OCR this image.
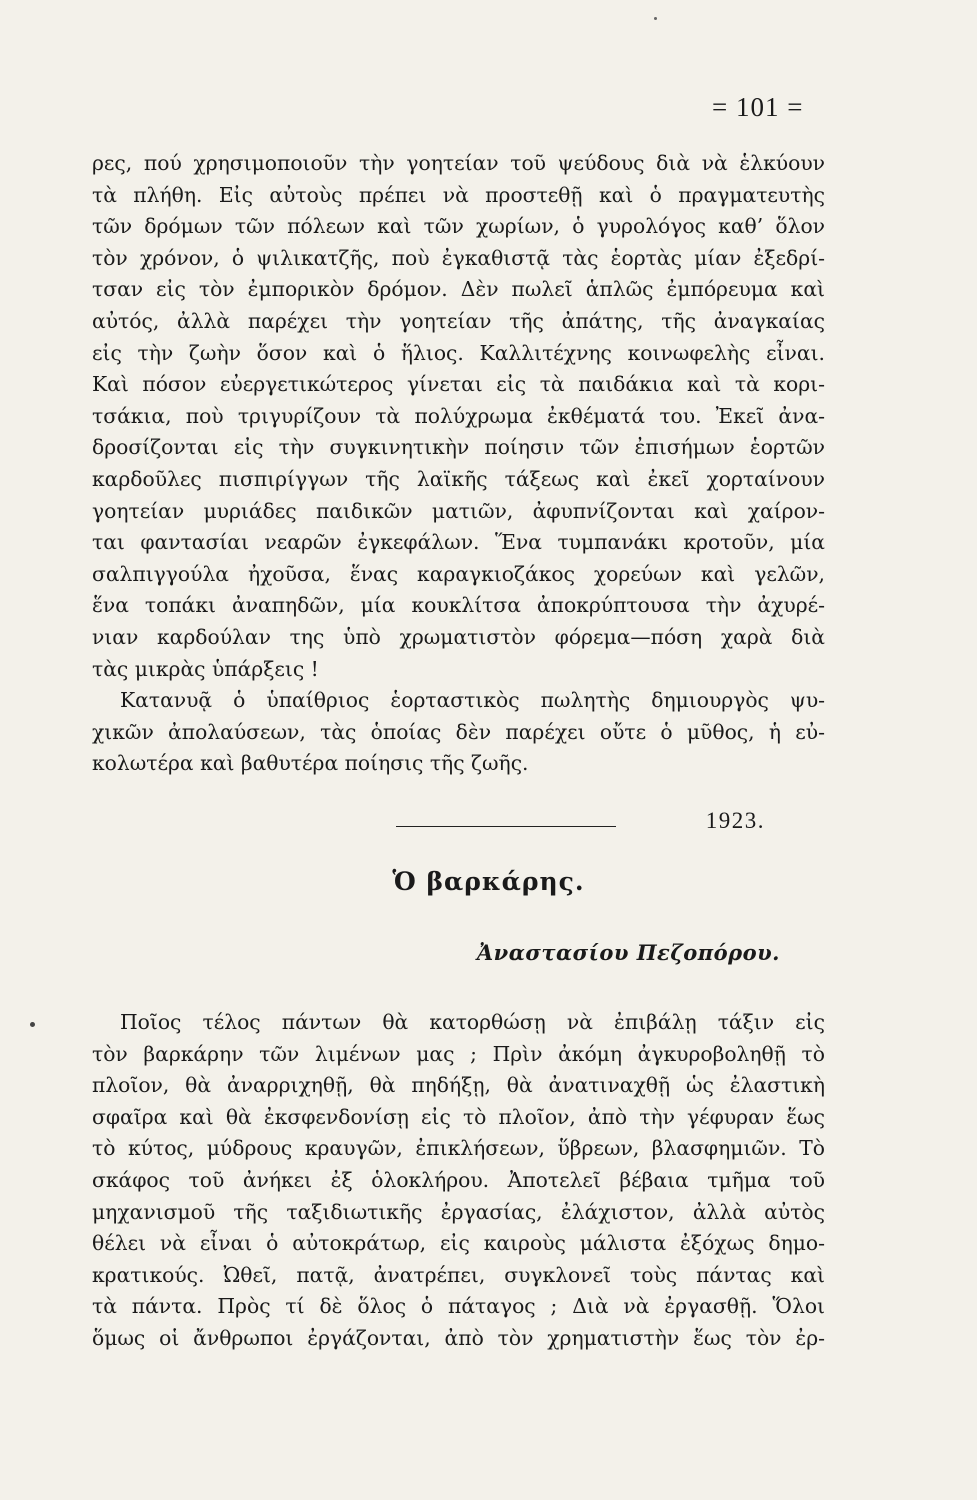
= 101 =
ρες, πού χρησιμοποιοῦν τὴν γοητείαν τοῦ ψεύδους διὰ νὰ ἑλκύουν
τὰ πλήθη. Εἰς αὐτοὺς πρέπει νὰ προστεθῇ καὶ ὁ πραγματευτὴς
τῶν δρόμων τῶν πόλεων καὶ τῶν χωρίων, ὁ γυρολόγος καθ’ ὅλον
τὸν χρόνον, ὁ ψιλικατζῆς, ποὺ ἐγκαθιστᾷ τὰς ἑορτὰς μίαν ἐξεδρί-
τσαν εἰς τὸν ἐμπορικὸν δρόμον. Δὲν πωλεῖ ἁπλῶς ἐμπόρευμα καὶ
αὐτός, ἀλλὰ παρέχει τὴν γοητείαν τῆς ἀπάτης, τῆς ἀναγκαίας
εἰς τὴν ζωὴν ὅσον καὶ ὁ ἥλιος. Καλλιτέχνης κοινωφελὴς εἶναι.
Καὶ πόσον εὐεργετικώτερος γίνεται εἰς τὰ παιδάκια καὶ τὰ κορι-
τσάκια, ποὺ τριγυρίζουν τὰ πολύχρωμα ἐκθέματά του. Ἐκεῖ ἀνα-
δροσίζονται εἰς τὴν συγκινητικὴν ποίησιν τῶν ἐπισήμων ἑορτῶν
καρδοῦλες πισπιρίγγων τῆς λαϊκῆς τάξεως καὶ ἐκεῖ χορταίνουν
γοητείαν μυριάδες παιδικῶν ματιῶν, ἀφυπνίζονται καὶ χαίρον-
ται φαντασίαι νεαρῶν ἐγκεφάλων. Ἕνα τυμπανάκι κροτοῦν, μία
σαλπιγγούλα ἠχοῦσα, ἕνας καραγκιοζάκος χορεύων καὶ γελῶν,
ἕνα τοπάκι ἀναπηδῶν, μία κουκλίτσα ἀποκρύπτουσα τὴν ἀχυρέ-
νιαν καρδούλαν της ὑπὸ χρωματιστὸν φόρεμα—πόση χαρὰ διὰ
τὰς μικρὰς ὑπάρξεις !
Κατανυᾷ ὁ ὑπαίθριος ἑορταστικὸς πωλητὴς δημιουργὸς ψυ-
χικῶν ἀπολαύσεων, τὰς ὁποίας δὲν παρέχει οὔτε ὁ μῦθος, ἡ εὐ-
κολωτέρα καὶ βαθυτέρα ποίησις τῆς ζωῆς.
1923.
Ὁ βαρκάρης.
Ἀναστασίου Πεζοπόρου.
Ποῖος τέλος πάντων θὰ κατορθώσῃ νὰ ἐπιβάλῃ τάξιν εἰς
τὸν βαρκάρην τῶν λιμένων μας ; Πρὶν ἀκόμη ἀγκυροβοληθῇ τὸ
πλοῖον, θὰ ἀναρριχηθῇ, θὰ πηδήξῃ, θὰ ἀνατιναχθῇ ὡς ἐλαστικὴ
σφαῖρα καὶ θὰ ἐκσφενδονίσῃ εἰς τὸ πλοῖον, ἀπὸ τὴν γέφυραν ἕως
τὸ κύτος, μύδρους κραυγῶν, ἐπικλήσεων, ὕβρεων, βλασφημιῶν. Τὸ
σκάφος τοῦ ἀνήκει ἐξ ὁλοκλήρου. Ἀποτελεῖ βέβαια τμῆμα τοῦ
μηχανισμοῦ τῆς ταξιδιωτικῆς ἐργασίας, ἐλάχιστον, ἀλλὰ αὐτὸς
θέλει νὰ εἶναι ὁ αὐτοκράτωρ, εἰς καιροὺς μάλιστα ἐξόχως δημο-
κρατικούς. Ὠθεῖ, πατᾷ, ἀνατρέπει, συγκλονεῖ τοὺς πάντας καὶ
τὰ πάντα. Πρὸς τί δὲ ὅλος ὁ πάταγος ; Διὰ νὰ ἐργασθῇ. Ὅλοι
ὅμως οἱ ἄνθρωποι ἐργάζονται, ἀπὸ τὸν χρηματιστὴν ἕως τὸν ἐρ-
